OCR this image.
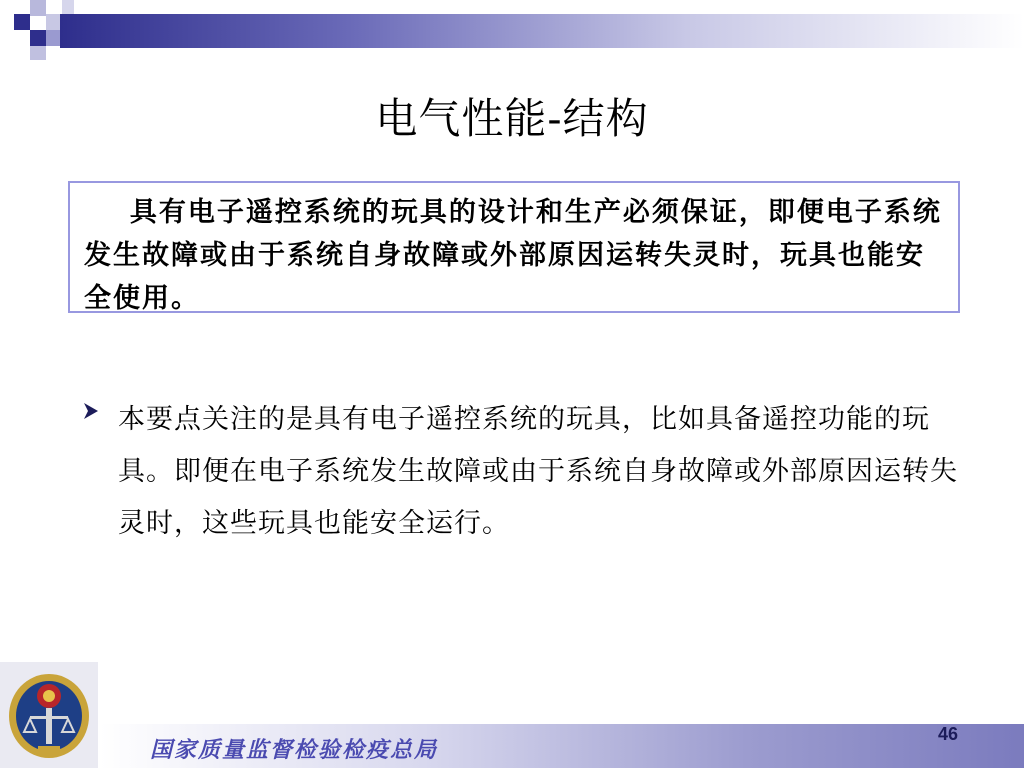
电气性能-结构
具有电子遥控系统的玩具的设计和生产必须保证，即便电子系统发生故障或由于系统自身故障或外部原因运转失灵时，玩具也能安全使用。
本要点关注的是具有电子遥控系统的玩具，比如具备遥控功能的玩具。即便在电子系统发生故障或由于系统自身故障或外部原因运转失灵时，这些玩具也能安全运行。
国家质量监督检验检疫总局
46
